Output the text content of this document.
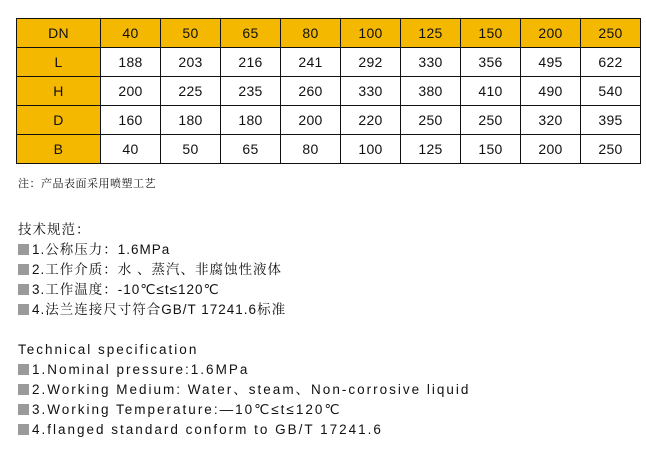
DN	40	50	65	80	100	125	150	200	250
L	188	203	216	241	292	330	356	495	622
H	200	225	235	260	330	380	410	490	540
D	160	180	180	200	220	250	250	320	395
B	40	50	65	80	100	125	150	200	250
注：产品表面采用喷塑工艺
技术规范：
1.公称压力：1.6MPa
2.工作介质：水 、蒸汽、非腐蚀性液体
3.工作温度：-10℃≤t≤120℃
4.法兰连接尺寸符合GB/T 17241.6标准
Technical specification
1.Nominal pressure:1.6MPa
2.Working Medium: Water、steam、Non-corrosive liquid
3.Working Temperature:—10℃≤t≤120℃
4.flanged standard conform to GB/T 17241.6
